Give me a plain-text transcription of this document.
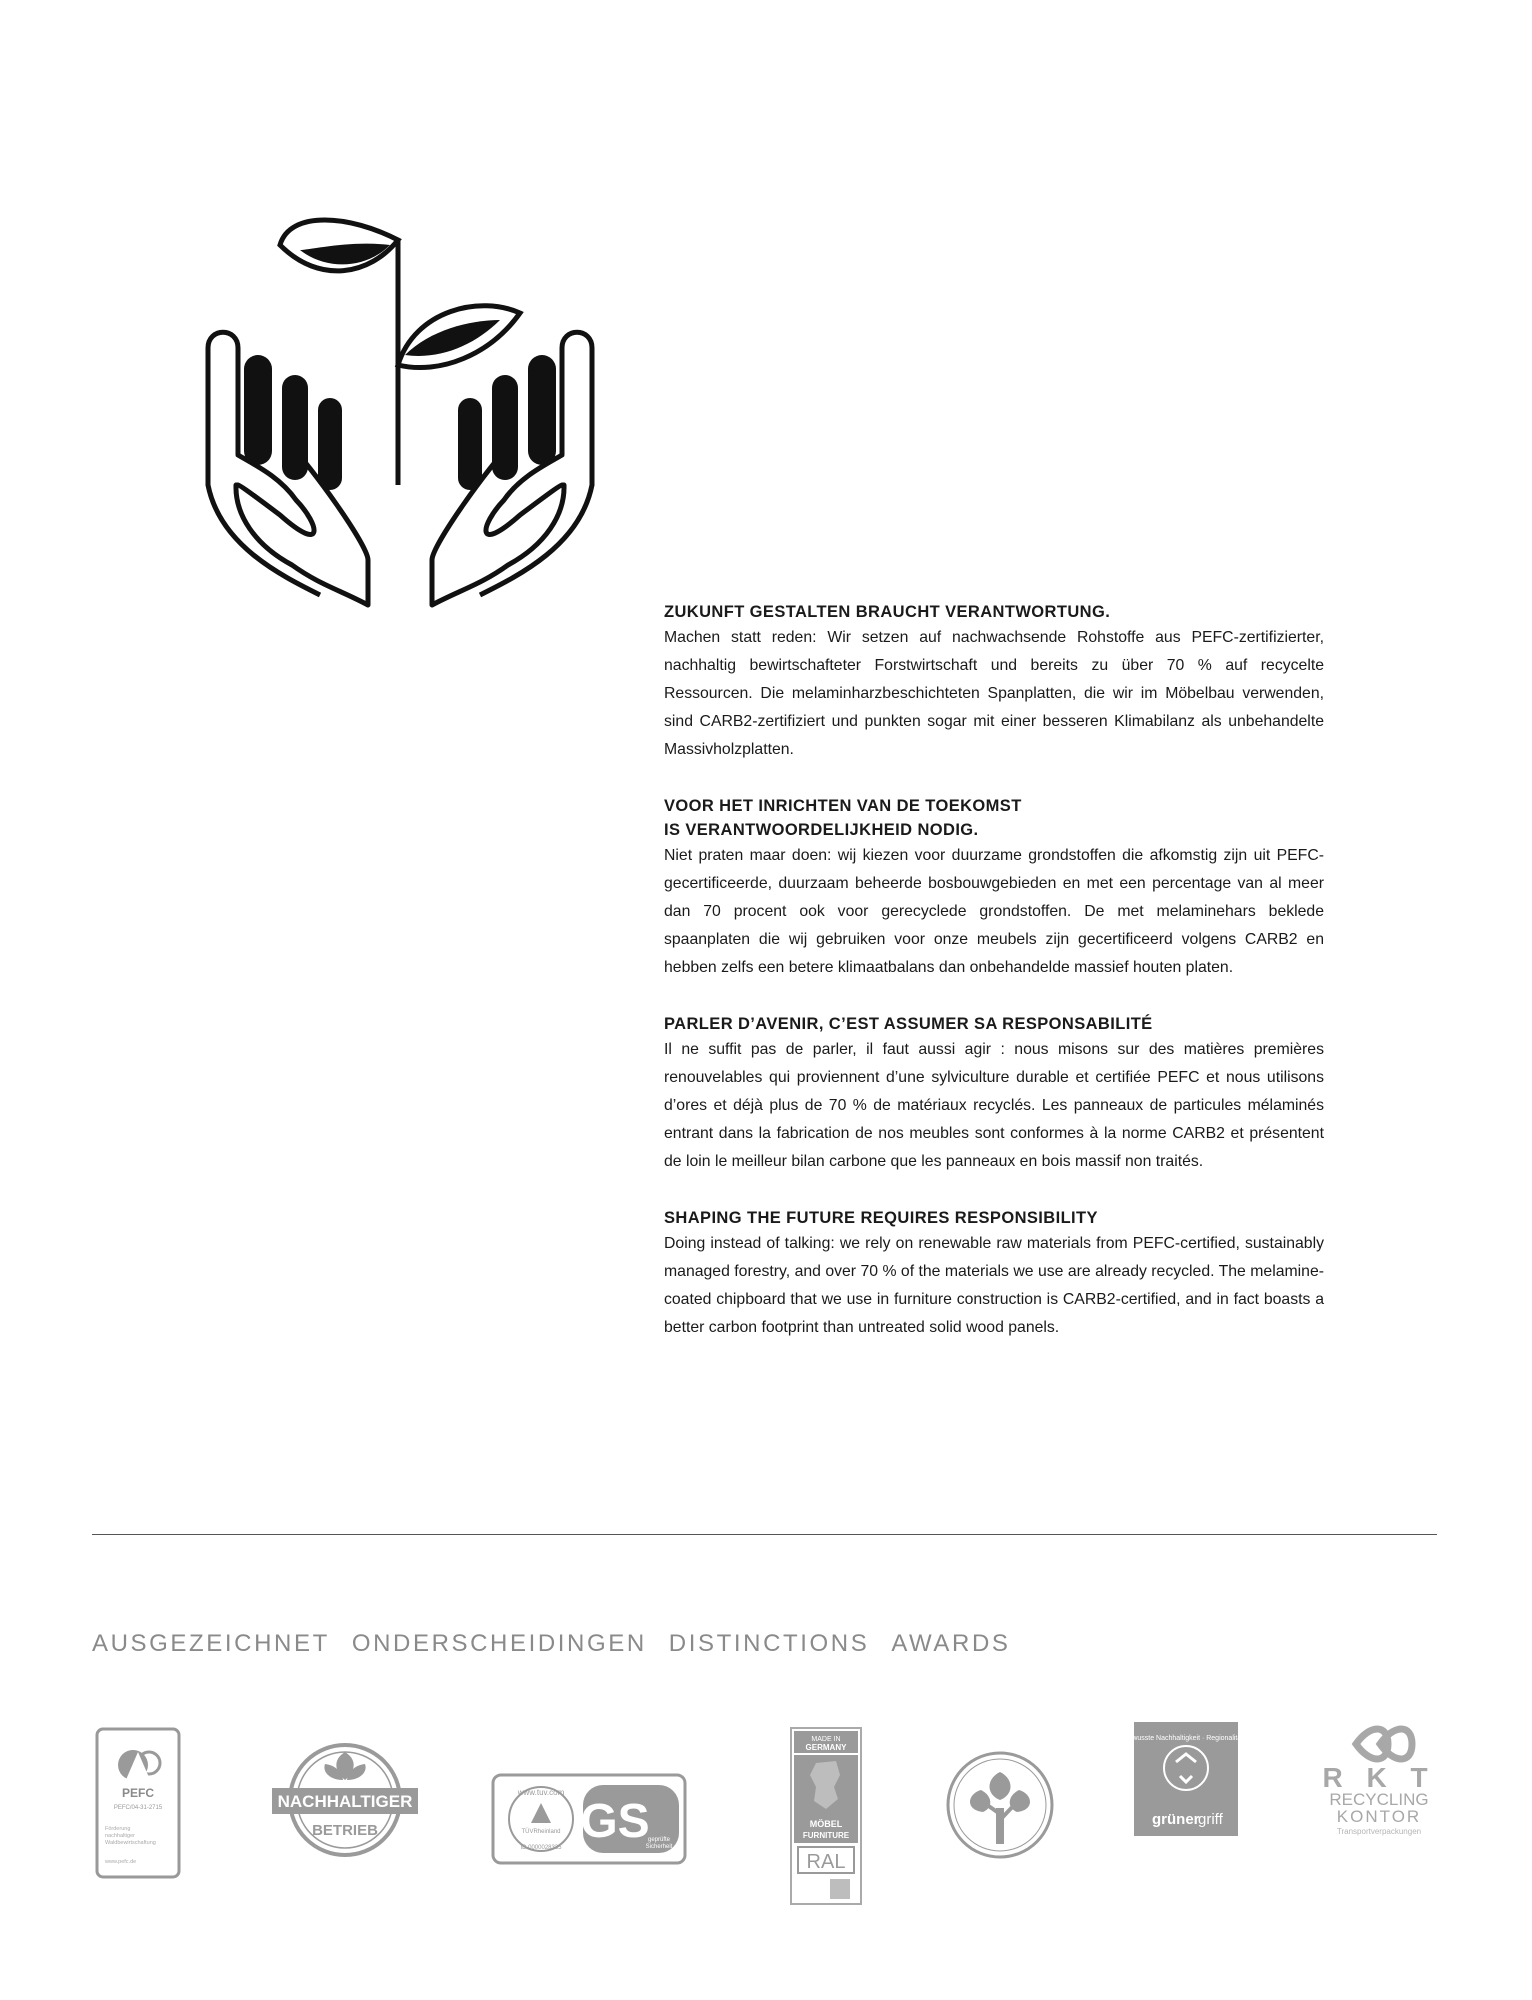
ZUKUNFT GESTALTEN BRAUCHT VERANTWORTUNG.

Machen statt reden: Wir setzen auf nachwachsende Rohstoffe aus PEFC-zertifizierter, nachhaltig bewirtschafteter Forstwirtschaft und bereits zu über 70 % auf recycelte Ressourcen. Die melaminharzbeschichteten Spanplatten, die wir im Möbelbau verwenden, sind CARB2-zertifiziert und punkten sogar mit einer besseren Klimabilanz als unbehandelte Massivholzplatten.

VOOR HET INRICHTEN VAN DE TOEKOMST
IS VERANTWOORDELIJKHEID NODIG.

Niet praten maar doen: wij kiezen voor duurzame grondstoffen die afkomstig zijn uit PEFC-gecertificeerde, duurzaam beheerde bosbouwgebieden en met een percentage van al meer dan 70 procent ook voor gerecyclede grondstoffen. De met melaminehars beklede spaanplaten die wij gebruiken voor onze meubels zijn gecertificeerd volgens CARB2 en hebben zelfs een betere klimaatbalans dan onbehandelde massief houten platen.

PARLER D’AVENIR, C’EST ASSUMER SA RESPONSABILITÉ

Il ne suffit pas de parler, il faut aussi agir : nous misons sur des matières premières renouvelables qui proviennent d’une sylviculture durable et certifiée PEFC et nous utilisons d’ores et déjà plus de 70 % de matériaux recyclés. Les panneaux de particules mélaminés entrant dans la fabrication de nos meubles sont conformes à la norme CARB2 et présentent de loin le meilleur bilan carbone que les panneaux en bois massif non traités.

SHAPING THE FUTURE REQUIRES RESPONSIBILITY

Doing instead of talking: we rely on renewable raw materials from PEFC-certified, sustainably managed forestry, and over 70 % of the materials we use are already recycled. The melamine-coated chipboard that we use in furniture construction is CARB2-certified, and in fact boasts a better carbon footprint than untreated solid wood panels.

AUSGEZEICHNET ONDERSCHEIDINGEN DISTINCTIONS AWARDS
PEFC
PEFC/04-31-2715
Förderung
nachhaltiger
Waldbewirtschaftung
www.pefc.de
NACHHALTIGER
BETRIEB
www.tuv.com
TÜVRheinland
ID 0000028335 GS
geprüfte
Sicherheit
MADE IN
GERMANY
MÖBEL
FURNITURE
RAL
bewusste Nachhaltigkeit · Regionalität ·
grüner
griff
R K T
RECYCLING
KONTOR
Transportverpackungen
